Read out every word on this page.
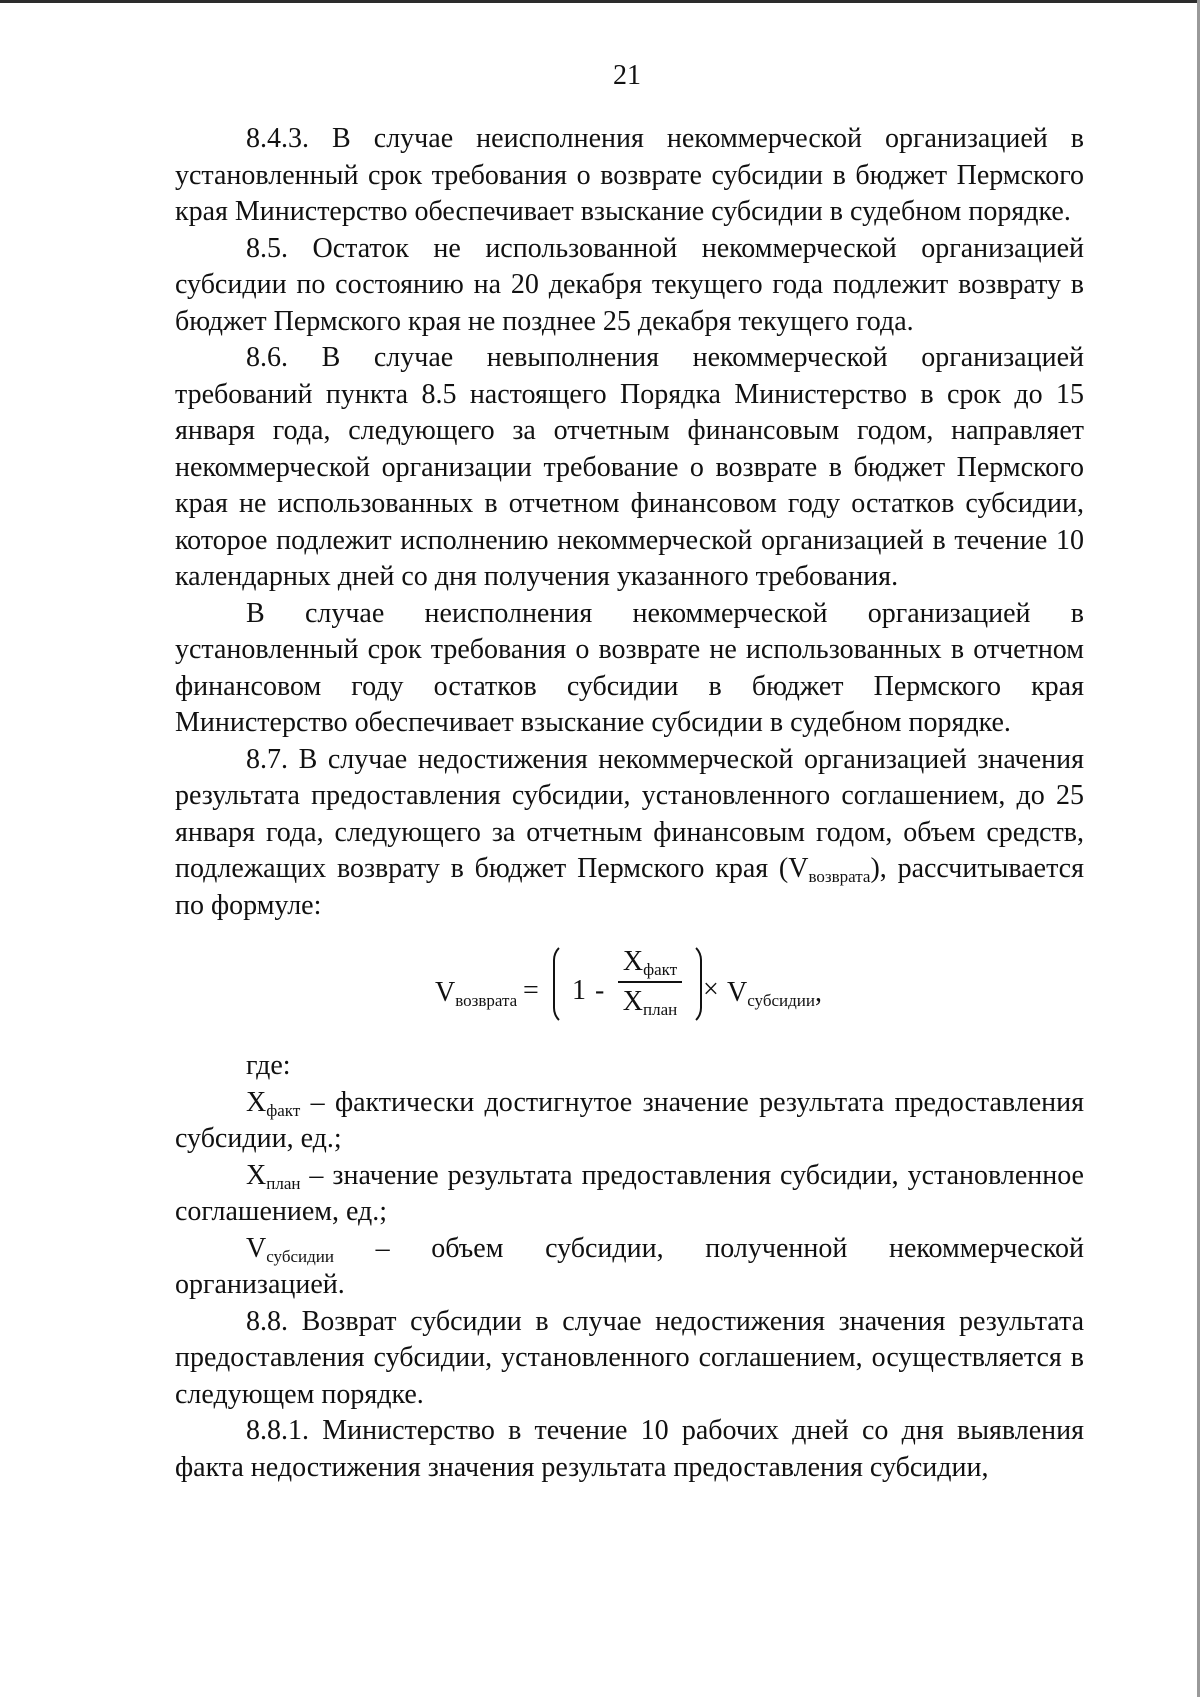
21

8.4.3. В случае неисполнения некоммерческой организацией в установленный срок требования о возврате субсидии в бюджет Пермского края Министерство обеспечивает взыскание субсидии в судебном порядке.

8.5. Остаток не использованной некоммерческой организацией субсидии по состоянию на 20 декабря текущего года подлежит возврату в бюджет Пермского края не позднее 25 декабря текущего года.

8.6. В случае невыполнения некоммерческой организацией требований пункта 8.5 настоящего Порядка Министерство в срок до 15 января года, следующего за отчетным финансовым годом, направляет некоммерческой организации требование о возврате в бюджет Пермского края не использованных в отчетном финансовом году остатков субсидии, которое подлежит исполнению некоммерческой организацией в течение 10 календарных дней со дня получения указанного требования.

В случае неисполнения некоммерческой организацией в установленный срок требования о возврате не использованных в отчетном финансовом году остатков субсидии в бюджет Пермского края Министерство обеспечивает взыскание субсидии в судебном порядке.

8.7. В случае недостижения некоммерческой организацией значения результата предоставления субсидии, установленного соглашением, до 25 января года, следующего за отчетным финансовым годом, объем средств, подлежащих возврату в бюджет Пермского края $(V_{возврата})$, рассчитывается по формуле:

$V_{возврата} = 1$ -
$X_{факт}$
$X_{план}$
× $V_{субсидии}$,

где:

$X_{факт}$ – фактически достигнутое значение результата предоставления субсидии, ед.;

$X_{план}$ – значение результата предоставления субсидии, установленное соглашением, ед.;

$V_{субсидии}$ – объем субсидии, полученной некоммерческой организацией.

8.8. Возврат субсидии в случае недостижения значения результата предоставления субсидии, установленного соглашением, осуществляется в следующем порядке.

8.8.1. Министерство в течение 10 рабочих дней со дня выявления факта недостижения значения результата предоставления субсидии,
